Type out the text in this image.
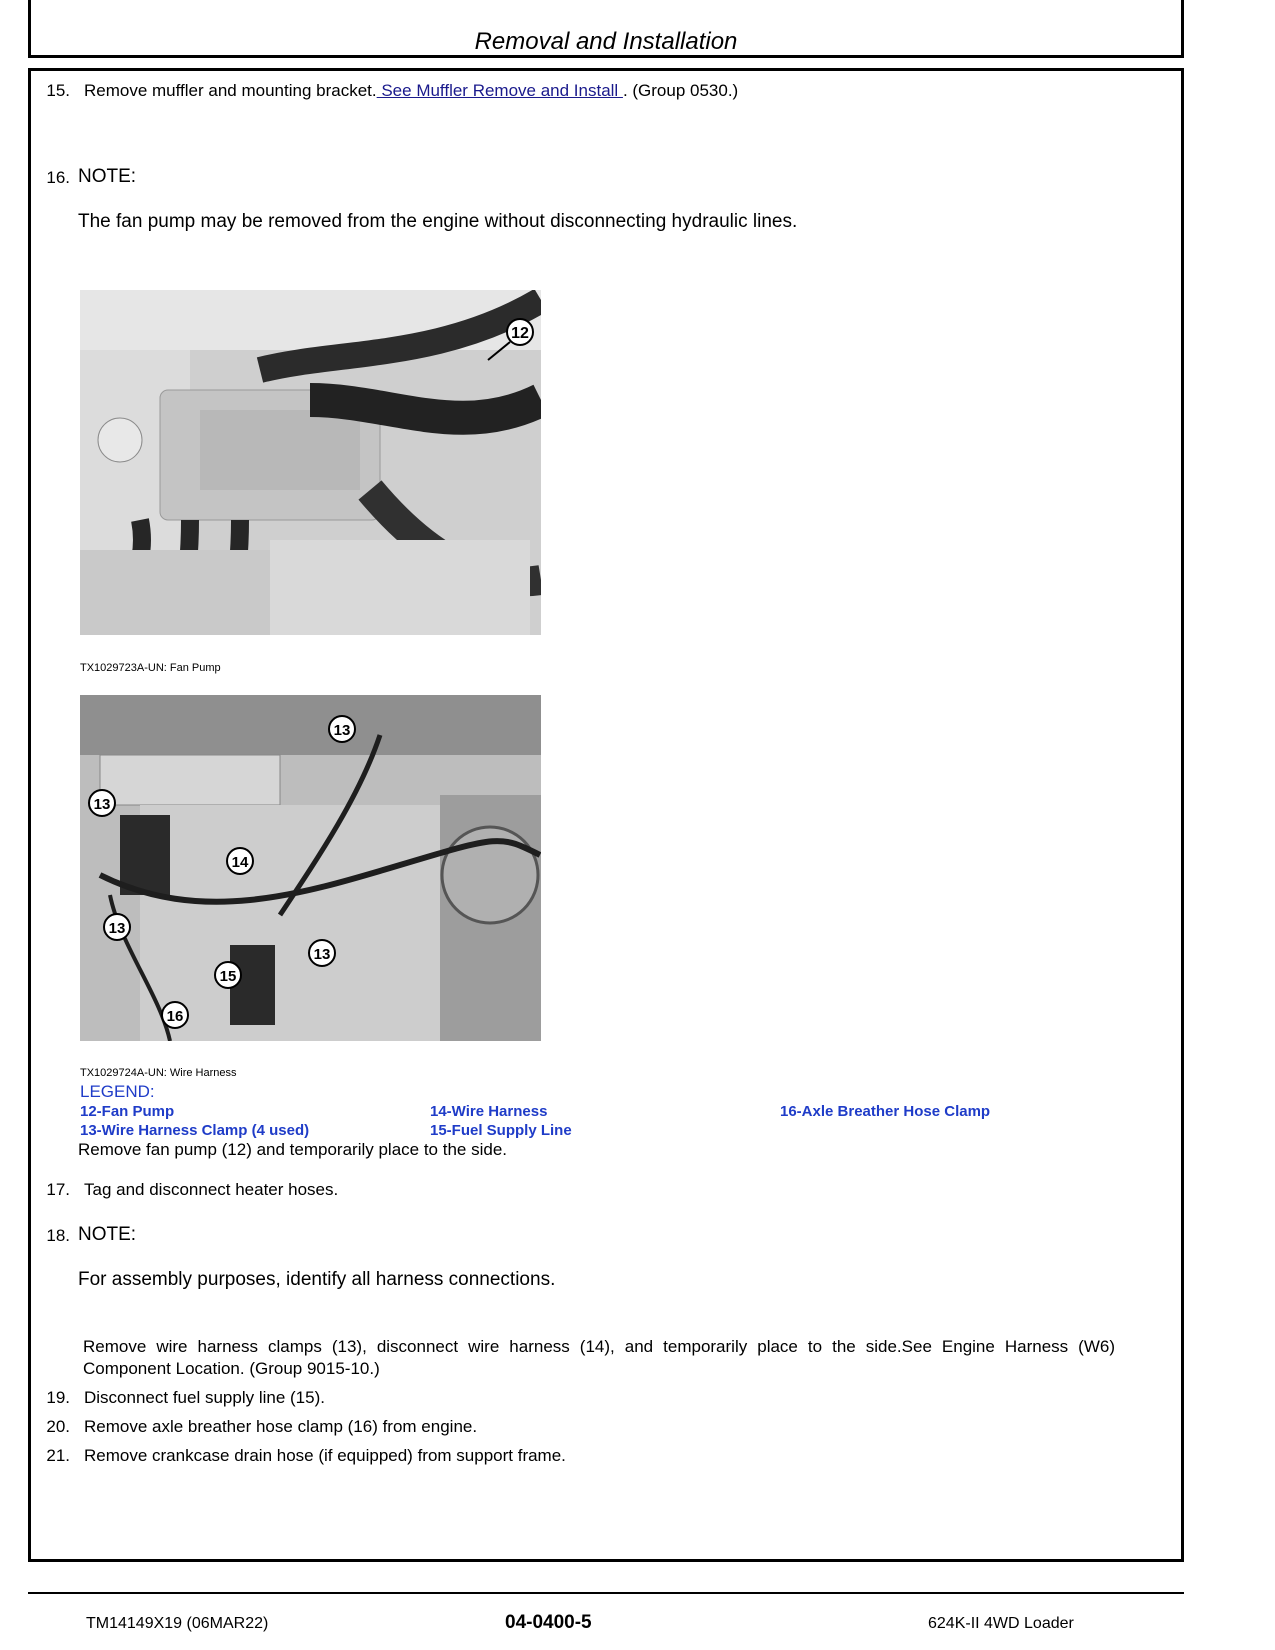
Removal and Installation
15. Remove muffler and mounting bracket. See Muffler Remove and Install . (Group 0530.)
16. NOTE:
The fan pump may be removed from the engine without disconnecting hydraulic lines.
12
TX1029723A-UN: Fan Pump
13
13
14
13
13
15
16
TX1029724A-UN: Wire Harness
LEGEND:
12-Fan Pump
13-Wire Harness Clamp (4 used)
14-Wire Harness
15-Fuel Supply Line
16-Axle Breather Hose Clamp
Remove fan pump (12) and temporarily place to the side.
17. Tag and disconnect heater hoses.
18. NOTE:
For assembly purposes, identify all harness connections.
Remove wire harness clamps (13), disconnect wire harness (14), and temporarily place to the side.See Engine Harness (W6) Component Location. (Group 9015-10.)
19. Disconnect fuel supply line (15).
20. Remove axle breather hose clamp (16) from engine.
21. Remove crankcase drain hose (if equipped) from support frame.
TM14149X19 (06MAR22)	04-0400-5	624K-II 4WD Loader
